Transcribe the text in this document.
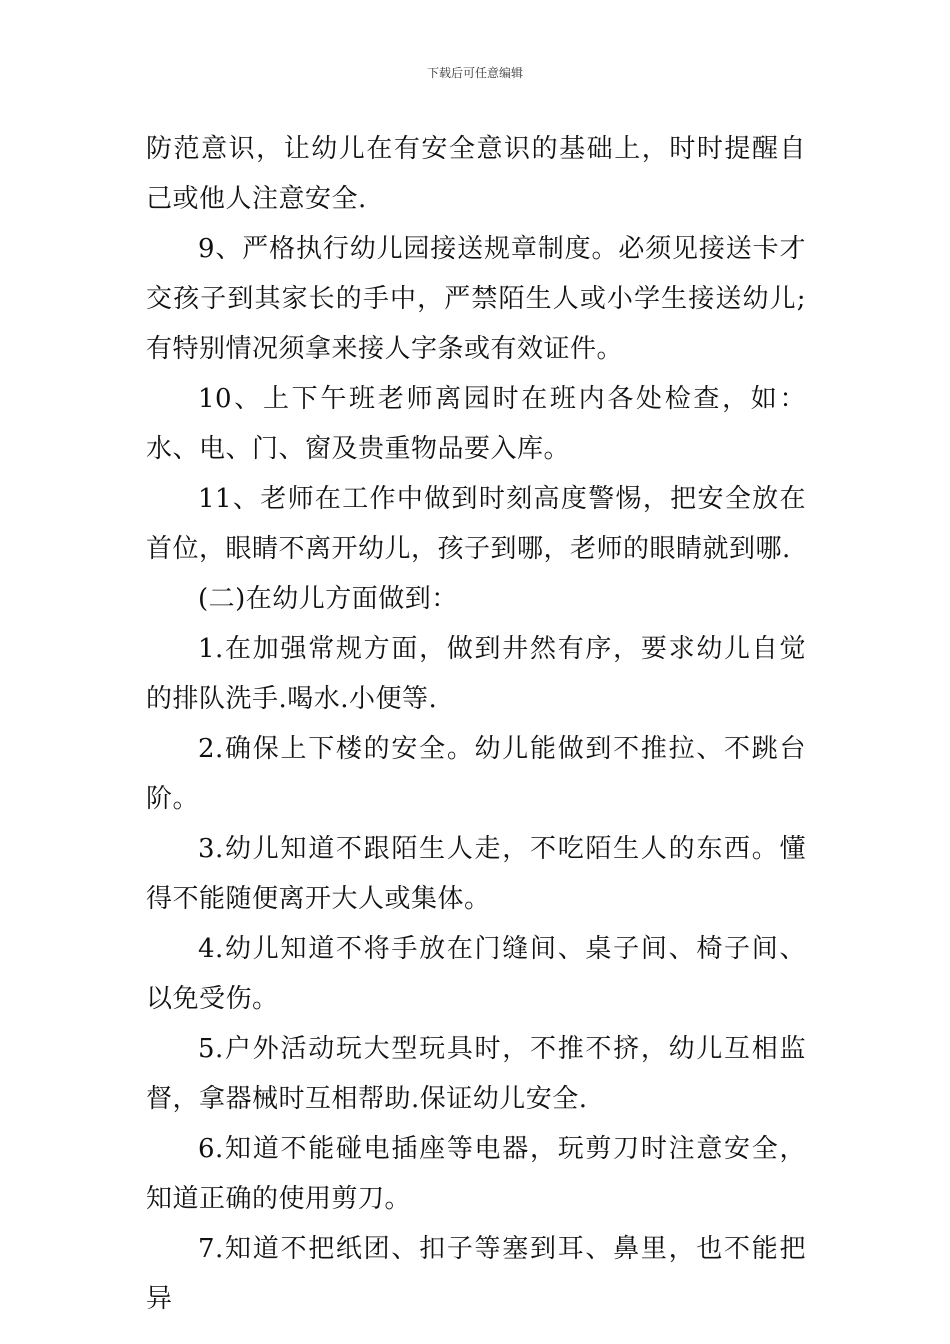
下载后可任意编辑

防范意识，让幼儿在有安全意识的基础上，时时提醒自己或他人注意安全.

9、严格执行幼儿园接送规章制度。必须见接送卡才交孩子到其家长的手中，严禁陌生人或小学生接送幼儿;有特别情况须拿来接人字条或有效证件。

10、上下午班老师离园时在班内各处检查，如：水、电、门、窗及贵重物品要入库。

11、老师在工作中做到时刻高度警惕，把安全放在首位，眼睛不离开幼儿，孩子到哪，老师的眼睛就到哪.

(二)在幼儿方面做到：

1.在加强常规方面，做到井然有序，要求幼儿自觉的排队洗手.喝水.小便等.

2.确保上下楼的安全。幼儿能做到不推拉、不跳台阶。

3.幼儿知道不跟陌生人走，不吃陌生人的东西。懂得不能随便离开大人或集体。

4.幼儿知道不将手放在门缝间、桌子间、椅子间、以免受伤。

5.户外活动玩大型玩具时，不推不挤，幼儿互相监督，拿器械时互相帮助.保证幼儿安全.

6.知道不能碰电插座等电器，玩剪刀时注意安全，知道正确的使用剪刀。

7.知道不把纸团、扣子等塞到耳、鼻里，也不能把异
